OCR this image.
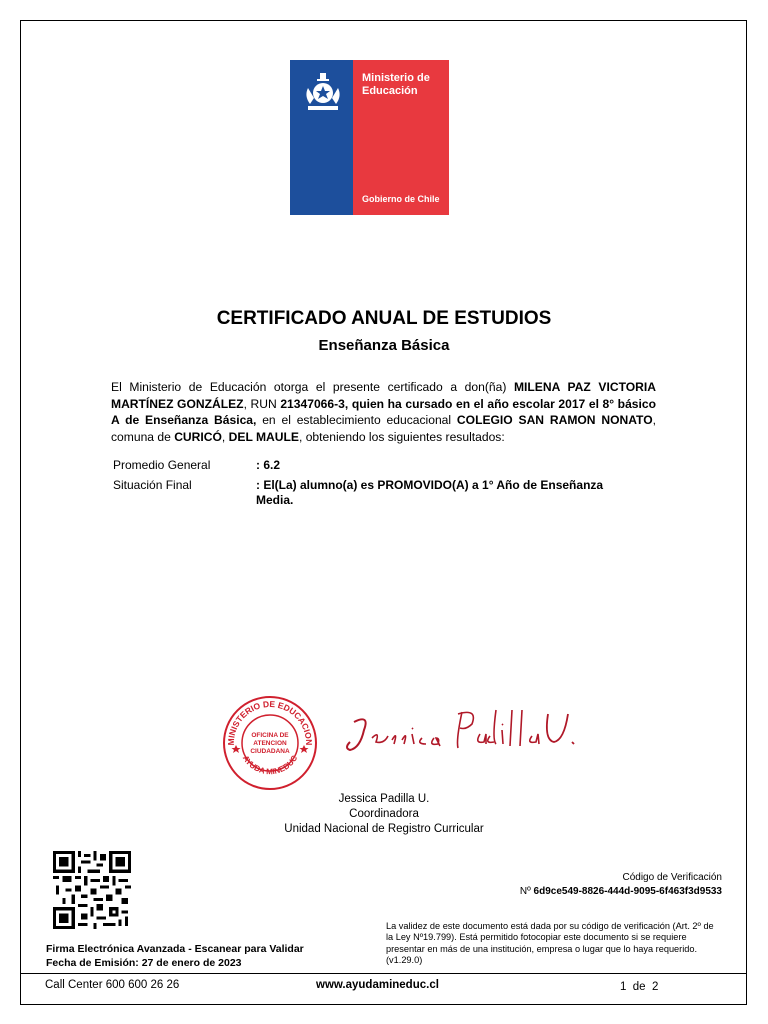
Ministerio de
Educación
Gobierno de Chile
CERTIFICADO ANUAL DE ESTUDIOS
Enseñanza Básica
El Ministerio de Educación otorga el presente certificado a don(ña) MILENA PAZ VICTORIA MARTÍNEZ GONZÁLEZ, RUN 21347066-3, quien ha cursado en el año escolar 2017 el 8° básico A de Enseñanza Básica, en el establecimiento educacional COLEGIO SAN RAMON NONATO, comuna de CURICÓ, DEL MAULE, obteniendo los siguientes resultados:
Promedio General	: 6.2
Situación Final	: El(La) alumno(a) es PROMOVIDO(A) a 1° Año de Enseñanza Media.
MINISTERIO DE EDUCACION
AYUDA MINEDUC
OFICINA DE
ATENCION
CIUDADANA
Jessica Padilla U.
Coordinadora
Unidad Nacional de Registro Curricular
Firma Electrónica Avanzada - Escanear para Validar
Fecha de Emisión: 27 de enero de 2023
Código de Verificación
Nº 6d9ce549-8826-444d-9095-6f463f3d9533
La validez de este documento está dada por su código de verificación (Art. 2º de la Ley Nº19.799). Está permitido fotocopiar este documento si se requiere presentar en más de una institución, empresa o lugar que lo haya requerido. (v1.29.0)
Call Center 600 600 26 26	www.ayudamineduc.cl	1  de  2
